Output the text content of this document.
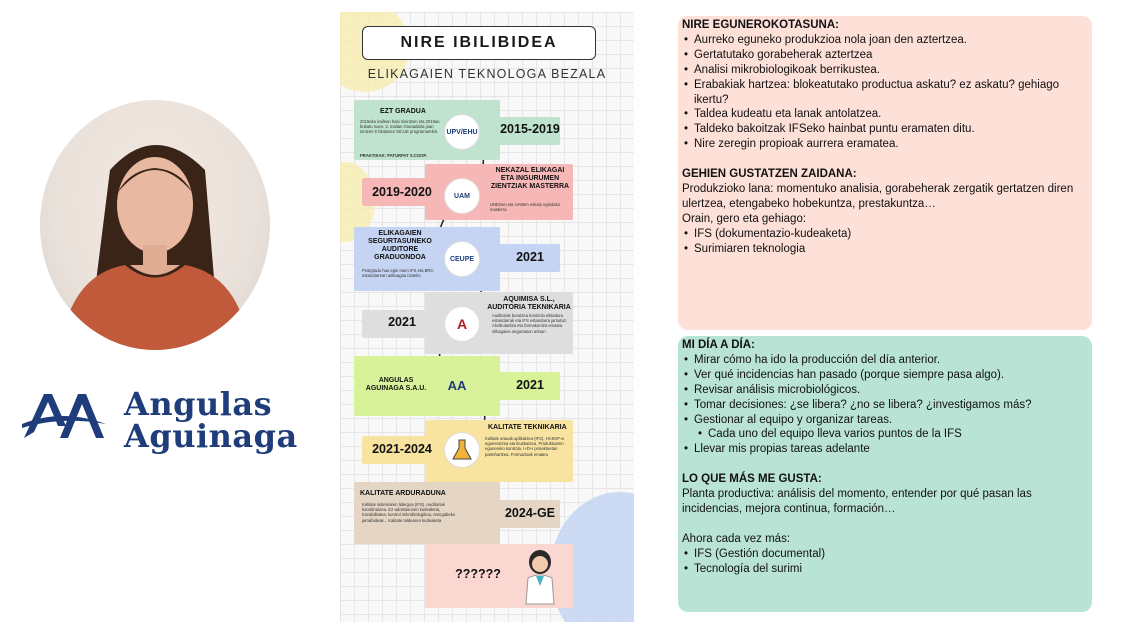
Angulas
Aguinaga
NIRE IBILIBIDEA
ELIKAGAIEN TEKNOLOGA BEZALA
EZT GRADUA
2015eko irailean hasi ninintzen eta 2019an bukatu nuen. 3. mailan Granadaira joan nintzen 6 hilabetez SICUE programarekin.
PRAKTIKAK: PATURPAT S.COOP.
UPV/EHU	2015-2019
NEKAZAL ELIKAGAI ETA INGURUMEN ZIENTZIAK MASTERRA
UNEDen eta UAMen eskaiņ egindako masterra
UAM
2019-2020
ELIKAGAIEN SEGURTASUNEKO AUDITORE GRADUONDOA
Postgradu hau egin nuen IFS eta BRC estandarrean adituagoa izateko
CEUPE	2021
AQUIMISA S.L., AUDITORIA TEKNIKARIA
Auditoriak burutzea kontzolu elikadura estandarrak eta IFS estandarra jarraituz. Aholkularitza eta formakuntza ematea elikagaien segurtasun arloan
A
2021
ANGULAS AGUINAGA S.A.U.	AA	2021
KALITATE TEKNIKARIA
Kalitate arauak aplikatzea (IFS). HAKKP-a egunerotzea eta ikuskatzea. Produktuaren egunereko kontrola. I+D+i proiektuetan partehartzea. Formazioak ematea
2021-2024
KALITATE ARDURADUNA
Kalitate sistemaren lidergoa (IFS). Auditoriak koordinatzea. Ez-adostasunen kudeaketa, trazabilitatea, kontrol mikrobiologikoa, etengabeko jarraibideak... Kalitate taldearen kudeaketa
2024-GE
??????

NIRE EGUNEROKOTASUNA:

• Aurreko eguneko produkzioa nola joan den aztertzea.
• Gertatutako gorabeherak aztertzea
• Analisi mikrobiologikoak berrikustea.
• Erabakiak hartzea: blokeatutako productua askatu? ez askatu? gehiago ikertu?
• Taldea kudeatu eta lanak antolatzea.
• Taldeko bakoitzak IFSeko hainbat puntu eramaten ditu.
• Nire zeregin propioak aurrera eramatea.

GEHIEN GUSTATZEN ZAIDANA:

Produkzioko lana: momentuko analisia, gorabeherak zergatik gertatzen diren ulertzea, etengabeko hobekuntza, prestakuntza…

Orain, gero eta gehiago:

• IFS (dokumentazio-kudeaketa)
• Surimiaren teknologia

MI DÍA A DÍA:

• Mirar cómo ha ido la producción del día anterior.
• Ver qué incidencias han pasado (porque siempre pasa algo).
• Revisar análisis microbiológicos.
• Tomar decisiones: ¿se libera? ¿no se libera? ¿investigamos más?
• Gestionar al equipo y organizar tareas.
• Cada uno del equipo lleva varios puntos de la IFS
• Llevar mis propias tareas adelante

LO QUE MÁS ME GUSTA:

Planta productiva: análisis del momento, entender por qué pasan las incidencias, mejora continua, formación…

Ahora cada vez más:

• IFS (Gestión documental)
• Tecnología del surimi
